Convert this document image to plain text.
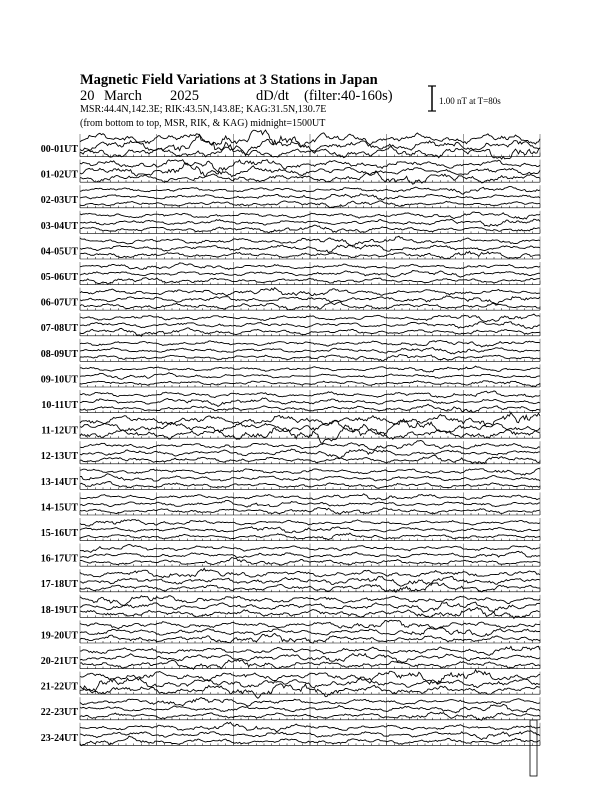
Magnetic Field Variations at 3 Stations in Japan
20 March 2025	dD/dt (filter:40-160s)
MSR:44.4N,142.3E; RIK:43.5N,143.8E; KAG:31.5N,130.7E
(from bottom to top, MSR, RIK, & KAG) midnight=1500UT
1.00 nT at T=80s
00-01UT
01-02UT
02-03UT
03-04UT
04-05UT
05-06UT
06-07UT
07-08UT
08-09UT
09-10UT
10-11UT
11-12UT
12-13UT
13-14UT
14-15UT
15-16UT
16-17UT
17-18UT
18-19UT
19-20UT
20-21UT
21-22UT
22-23UT
23-24UT
